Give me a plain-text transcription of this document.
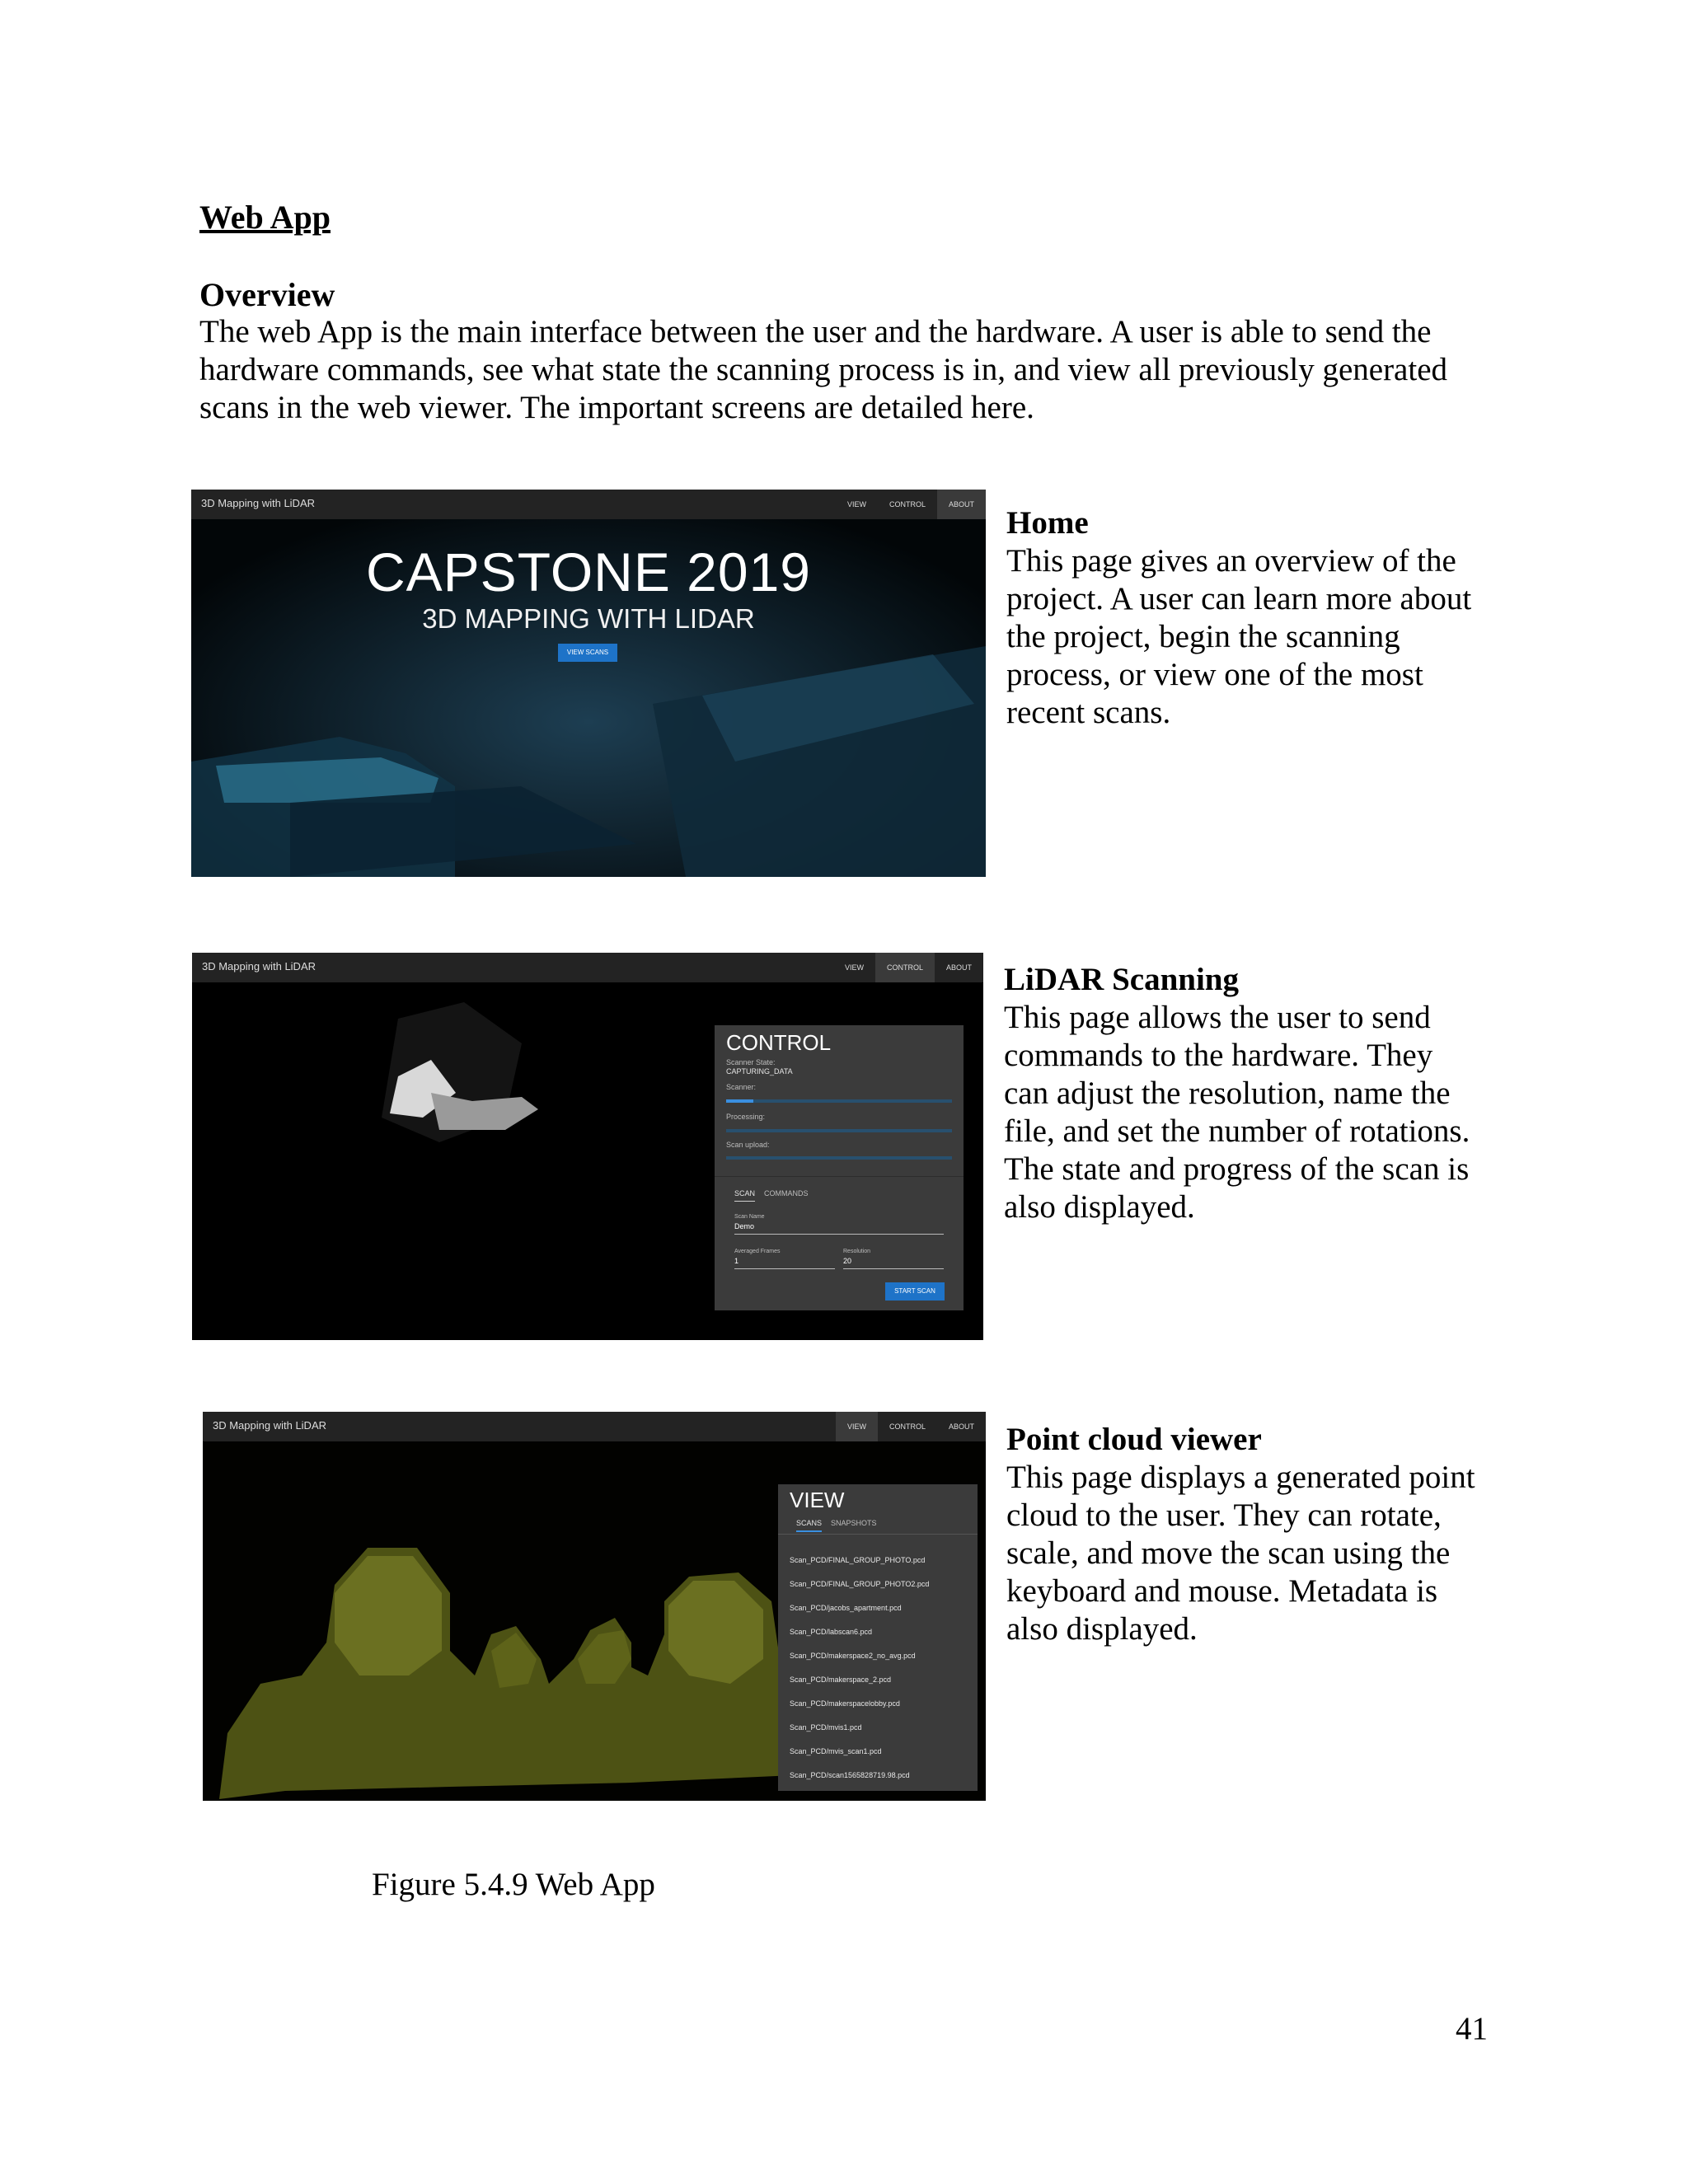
Web App
Overview
The web App is the main interface between the user and the hardware. A user is able to send the
hardware commands, see what state the scanning process is in, and view all previously generated
scans in the web viewer. The important screens are detailed here.
3D Mapping with LiDAR	VIEW	CONTROL	ABOUT
CAPSTONE 2019
3D MAPPING WITH LIDAR
VIEW SCANS
Home
This page gives an overview of the
project. A user can learn more about
the project, begin the scanning
process, or view one of the most
recent scans.
3D Mapping with LiDAR	VIEW	CONTROL	ABOUT
CONTROL
Scanner State:
CAPTURING_DATA
Scanner:
Processing:
Scan upload:
SCAN COMMANDS
Scan Name
Demo
Averaged Frames
1
Resolution
20
START SCAN
LiDAR Scanning
This page allows the user to send
commands to the hardware. They
can adjust the resolution, name the
file, and set the number of rotations.
The state and progress of the scan is
also displayed.
3D Mapping with LiDAR	VIEW	CONTROL	ABOUT
VIEW
SCANS SNAPSHOTS
Scan_PCD/FINAL_GROUP_PHOTO.pcd
Scan_PCD/FINAL_GROUP_PHOTO2.pcd
Scan_PCD/jacobs_apartment.pcd
Scan_PCD/labscan6.pcd
Scan_PCD/makerspace2_no_avg.pcd
Scan_PCD/makerspace_2.pcd
Scan_PCD/makerspacelobby.pcd
Scan_PCD/mvis1.pcd
Scan_PCD/mvis_scan1.pcd
Scan_PCD/scan1565828719.98.pcd
Point cloud viewer
This page displays a generated point
cloud to the user. They can rotate,
scale, and move the scan using the
keyboard and mouse. Metadata is
also displayed.
Figure 5.4.9 Web App
41
